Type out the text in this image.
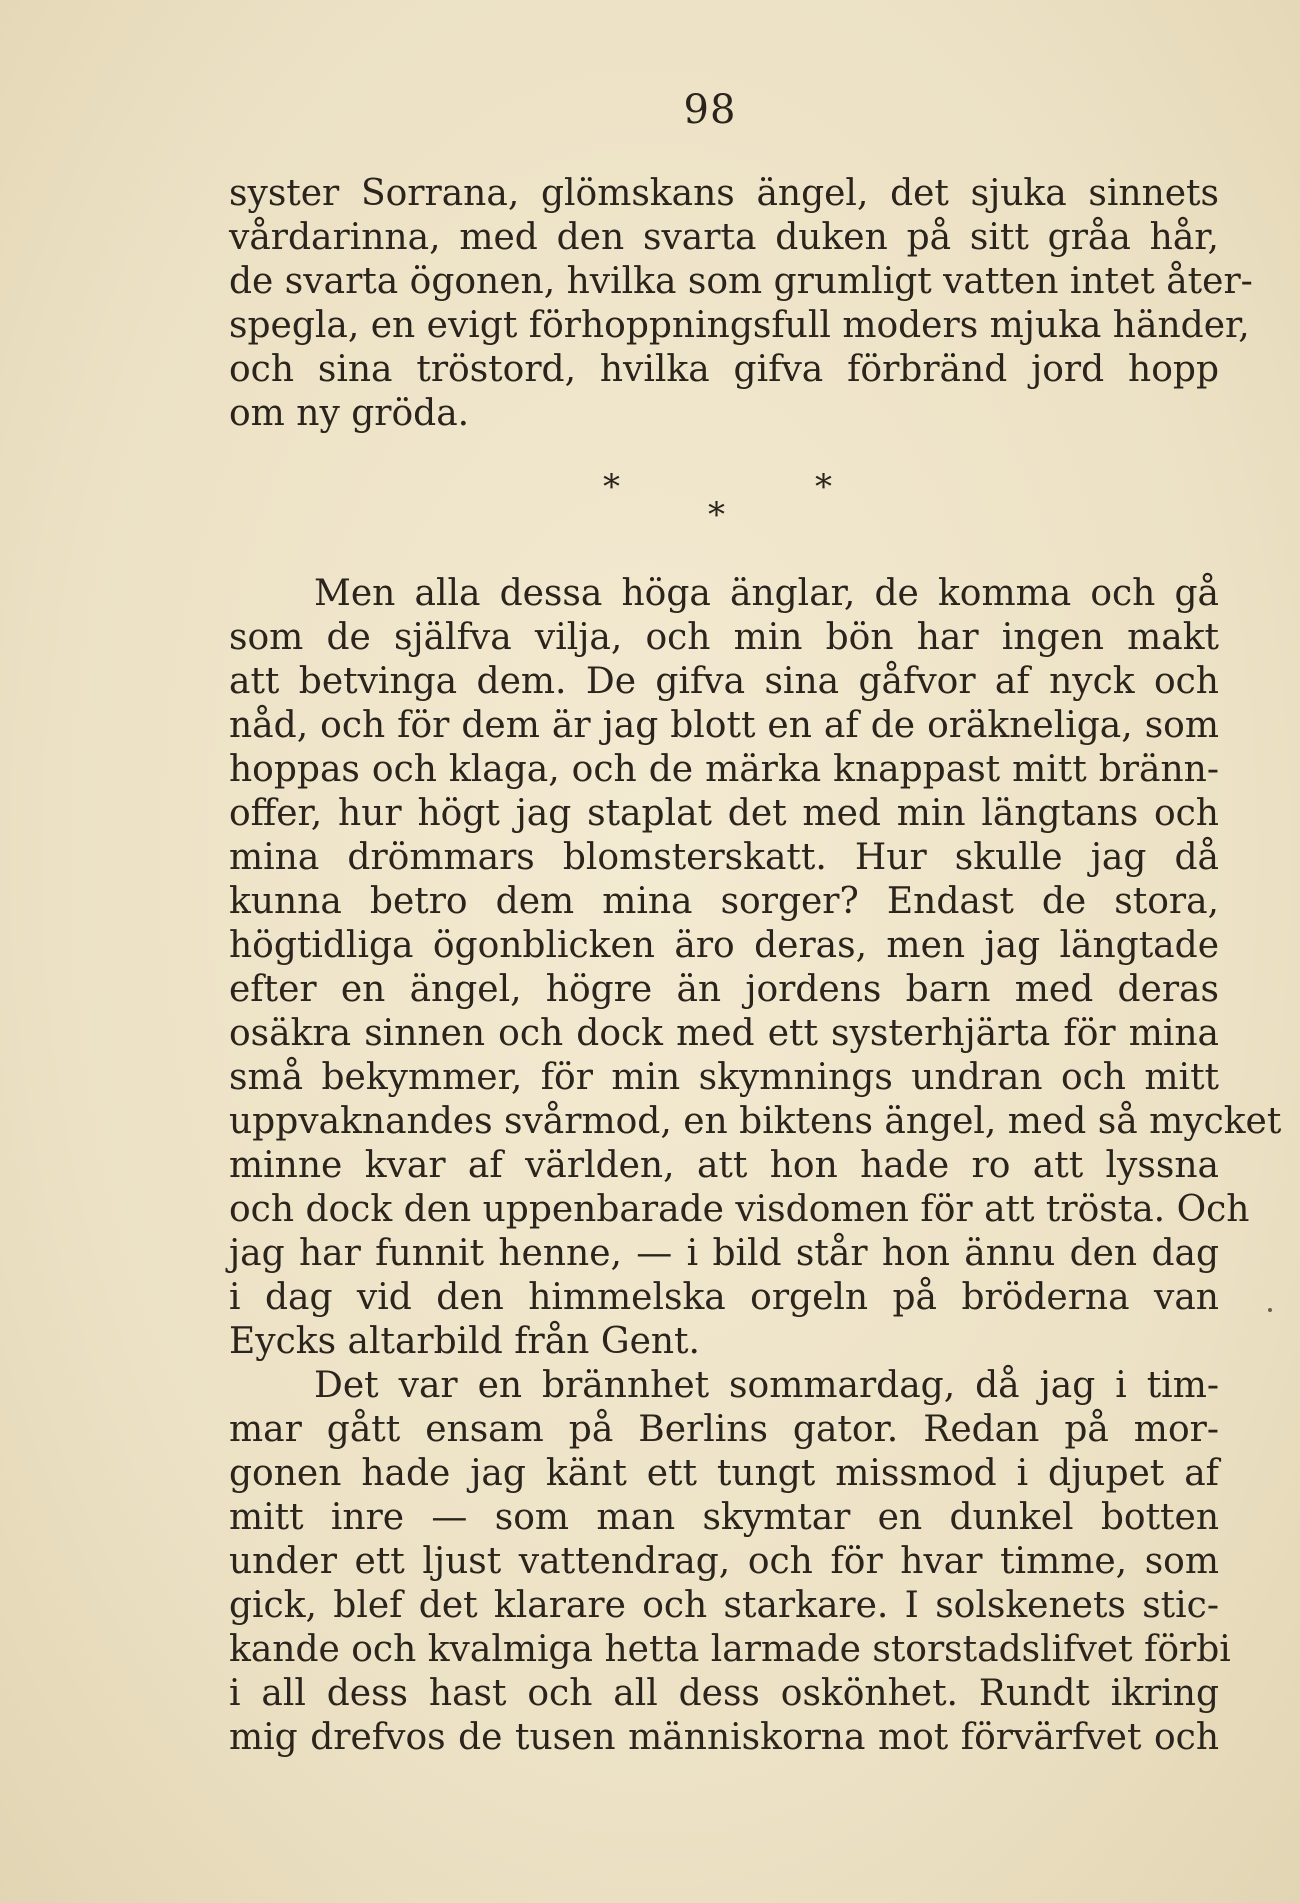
98
syster Sorrana, glömskans ängel, det sjuka sinnets
vårdarinna, med den svarta duken på sitt gråa hår,
de svarta ögonen, hvilka som grumligt vatten intet åter-
spegla, en evigt förhoppningsfull moders mjuka händer,
och sina tröstord, hvilka gifva förbränd jord hopp
om ny gröda.
*	*
*
Men alla dessa höga änglar, de komma och gå
som de själfva vilja, och min bön har ingen makt
att betvinga dem. De gifva sina gåfvor af nyck och
nåd, och för dem är jag blott en af de oräkneliga, som
hoppas och klaga, och de märka knappast mitt bränn-
offer, hur högt jag staplat det med min längtans och
mina drömmars blomsterskatt. Hur skulle jag då
kunna betro dem mina sorger? Endast de stora,
högtidliga ögonblicken äro deras, men jag längtade
efter en ängel, högre än jordens barn med deras
osäkra sinnen och dock med ett systerhjärta för mina
små bekymmer, för min skymnings undran och mitt
uppvaknandes svårmod, en biktens ängel, med så mycket
minne kvar af världen, att hon hade ro att lyssna
och dock den uppenbarade visdomen för att trösta. Och
jag har funnit henne, — i bild står hon ännu den dag
i dag vid den himmelska orgeln på bröderna van
Eycks altarbild från Gent.
Det var en brännhet sommardag, då jag i tim-
mar gått ensam på Berlins gator. Redan på mor-
gonen hade jag känt ett tungt missmod i djupet af
mitt inre — som man skymtar en dunkel botten
under ett ljust vattendrag, och för hvar timme, som
gick, blef det klarare och starkare. I solskenets stic-
kande och kvalmiga hetta larmade storstadslifvet förbi
i all dess hast och all dess oskönhet. Rundt ikring
mig drefvos de tusen människorna mot förvärfvet och
